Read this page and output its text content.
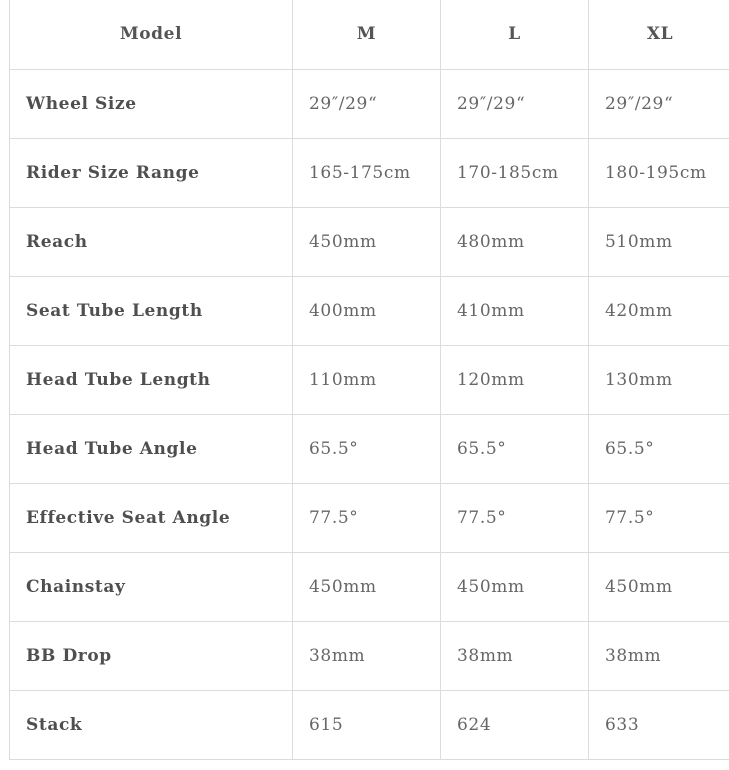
Model	M	L	XL
Wheel Size	29″/29“	29″/29“	29″/29“
Rider Size Range	165-175cm	170-185cm	180-195cm
Reach	450mm	480mm	510mm
Seat Tube Length	400mm	410mm	420mm
Head Tube Length	110mm	120mm	130mm
Head Tube Angle	65.5°	65.5°	65.5°
Effective Seat Angle	77.5°	77.5°	77.5°
Chainstay	450mm	450mm	450mm
BB Drop	38mm	38mm	38mm
Stack	615	624	633
